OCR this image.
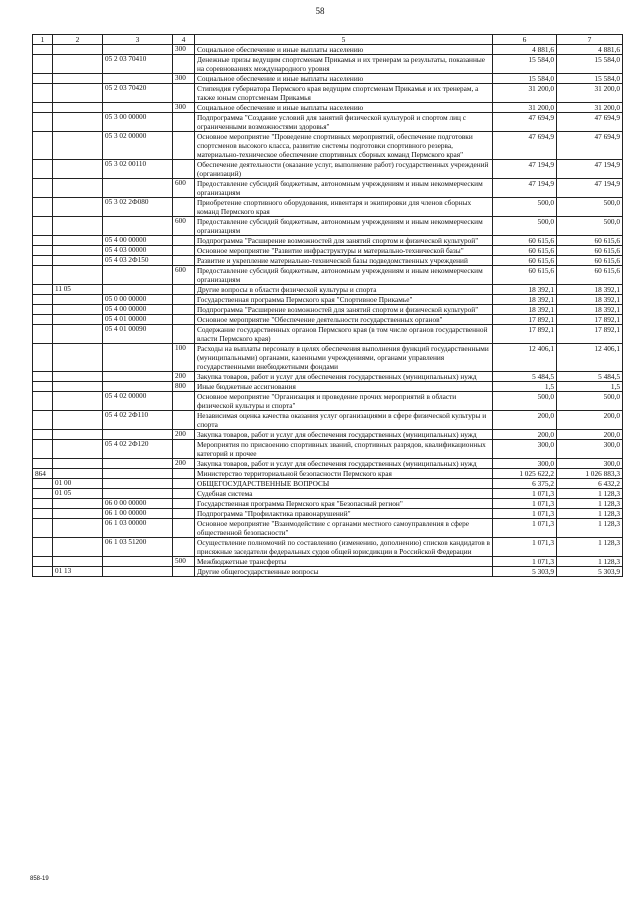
58
1	2	3	4	5	6	7
			300	Социальное обеспечение и иные выплаты населению	4 881,6	4 881,6
		05 2 03 70410		Денежные призы ведущим спортсменам Прикамья и их тренерам за результаты, показанные на соревнованиях международного уровня	15 584,0	15 584,0
			300	Социальное обеспечение и иные выплаты населению	15 584,0	15 584,0
		05 2 03 70420		Стипендия губернатора Пермского края ведущим спортсменам Прикамья и их тренерам, а также юным спортсменам Прикамья	31 200,0	31 200,0
			300	Социальное обеспечение и иные выплаты населению	31 200,0	31 200,0
		05 3 00 00000		Подпрограмма "Создание условий для занятий физической культурой и спортом лиц с ограниченными возможностями здоровья"	47 694,9	47 694,9
		05 3 02 00000		Основное мероприятие "Проведение спортивных мероприятий, обеспечение подготовки спортсменов высокого класса, развитие системы подготовки спортивного резерва, материально-техническое обеспечение спортивных сборных команд Пермского края"	47 694,9	47 694,9
		05 3 02 00110		Обеспечение деятельности (оказание услуг, выполнение работ) государственных учреждений (организаций)	47 194,9	47 194,9
			600	Предоставление субсидий бюджетным, автономным учреждениям и иным некоммерческим организациям	47 194,9	47 194,9
		05 3 02 2Ф080		Приобретение спортивного оборудования, инвентаря и экипировки для членов сборных команд Пермского края	500,0	500,0
			600	Предоставление субсидий бюджетным, автономным учреждениям и иным некоммерческим организациям	500,0	500,0
		05 4 00 00000		Подпрограмма "Расширение возможностей для занятий спортом и физической культурой"	60 615,6	60 615,6
		05 4 03 00000		Основное мероприятие "Развитие инфраструктуры и материально-технической базы"	60 615,6	60 615,6
		05 4 03 2Ф150		Развитие и укрепление материально-технической базы подведомственных учреждений	60 615,6	60 615,6
			600	Предоставление субсидий бюджетным, автономным учреждениям и иным некоммерческим организациям	60 615,6	60 615,6
	11 05			Другие вопросы в области физической культуры и спорта	18 392,1	18 392,1
		05 0 00 00000		Государственная программа Пермского края "Спортивное Прикамье"	18 392,1	18 392,1
		05 4 00 00000		Подпрограмма "Расширение возможностей для занятий спортом и физической культурой"	18 392,1	18 392,1
		05 4 01 00000		Основное мероприятие "Обеспечение деятельности государственных органов"	17 892,1	17 892,1
		05 4 01 00090		Содержание государственных органов Пермского края (в том числе органов государственной власти Пермского края)	17 892,1	17 892,1
			100	Расходы на выплаты персоналу в целях обеспечения выполнения функций государственными (муниципальными) органами, казенными учреждениями, органами управления государственными внебюджетными фондами	12 406,1	12 406,1
			200	Закупка товаров, работ и услуг для обеспечения государственных (муниципальных) нужд	5 484,5	5 484,5
			800	Иные бюджетные ассигнования	1,5	1,5
		05 4 02 00000		Основное мероприятие "Организация и проведение прочих мероприятий в области физической культуры и спорта"	500,0	500,0
		05 4 02 2Ф110		Независимая оценка качества оказания услуг организациями в сфере физической культуры и спорта	200,0	200,0
			200	Закупка товаров, работ и услуг для обеспечения государственных (муниципальных) нужд	200,0	200,0
		05 4 02 2Ф120		Мероприятия по присвоению спортивных званий, спортивных разрядов, квалификационных категорий и прочее	300,0	300,0
			200	Закупка товаров, работ и услуг для обеспечения государственных (муниципальных) нужд	300,0	300,0
864				Министерство территориальной безопасности Пермского края	1 025 622,2	1 026 883,3
	01 00			ОБЩЕГОСУДАРСТВЕННЫЕ ВОПРОСЫ	6 375,2	6 432,2
	01 05			Судебная система	1 071,3	1 128,3
		06 0 00 00000		Государственная программа Пермского края "Безопасный регион"	1 071,3	1 128,3
		06 1 00 00000		Подпрограмма "Профилактика правонарушений"	1 071,3	1 128,3
		06 1 03 00000		Основное мероприятие "Взаимодействие с органами местного самоуправления в сфере общественной безопасности"	1 071,3	1 128,3
		06 1 03 51200		Осуществление полномочий по составлению (изменению, дополнению) списков кандидатов в присяжные заседатели федеральных судов общей юрисдикции в Российской Федерации	1 071,3	1 128,3
			500	Межбюджетные трансферты	1 071,3	1 128,3
	01 13			Другие общегосударственные вопросы	5 303,9	5 303,9
858-19
